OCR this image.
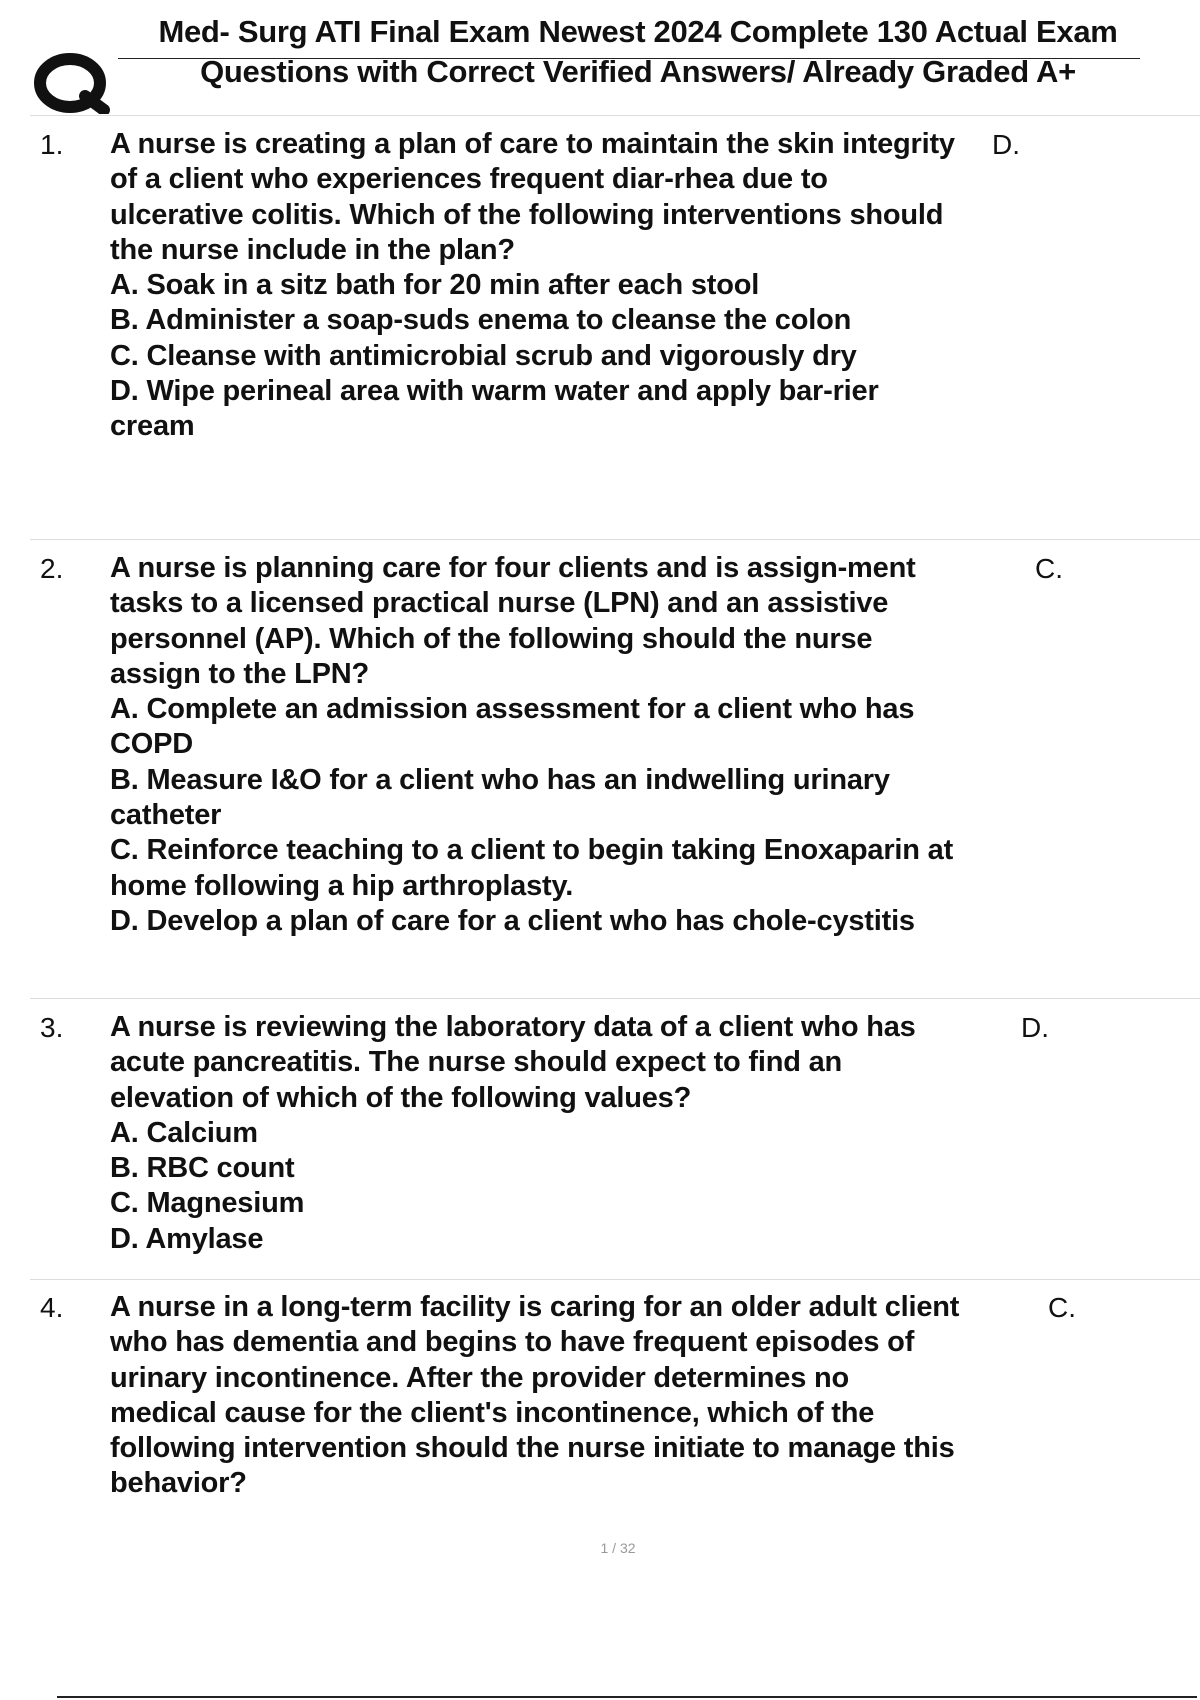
Med- Surg ATI Final Exam Newest 2024 Complete 130 Actual Exam
Questions with Correct Verified Answers/ Already Graded A+
1. A nurse is creating a plan of care to maintain the skin integrity of a client who experiences frequent diar-rhea due to ulcerative colitis. Which of the following interventions should the nurse include in the plan?

A. Soak in a sitz bath for 20 min after each stool

B. Administer a soap-suds enema to cleanse the colon

C. Cleanse with antimicrobial scrub and vigorously dry

D. Wipe perineal area with warm water and apply bar-rier cream

D.
2. A nurse is planning care for four clients and is assign-ment tasks to a licensed practical nurse (LPN) and an assistive personnel (AP). Which of the following should the nurse assign to the LPN?

A. Complete an admission assessment for a client who has COPD

B. Measure I&O for a client who has an indwelling urinary catheter

C. Reinforce teaching to a client to begin taking Enoxaparin at home following a hip arthroplasty.

D. Develop a plan of care for a client who has chole-cystitis

C.
3. A nurse is reviewing the laboratory data of a client who has acute pancreatitis. The nurse should expect to find an elevation of which of the following values?

A. Calcium

B. RBC count

C. Magnesium

D. Amylase

D.
4. A nurse in a long-term facility is caring for an older adult client who has dementia and begins to have frequent episodes of urinary incontinence. After the provider determines no medical cause for the client's incontinence, which of the following intervention should the nurse initiate to manage this behavior?

C.
1 / 32
